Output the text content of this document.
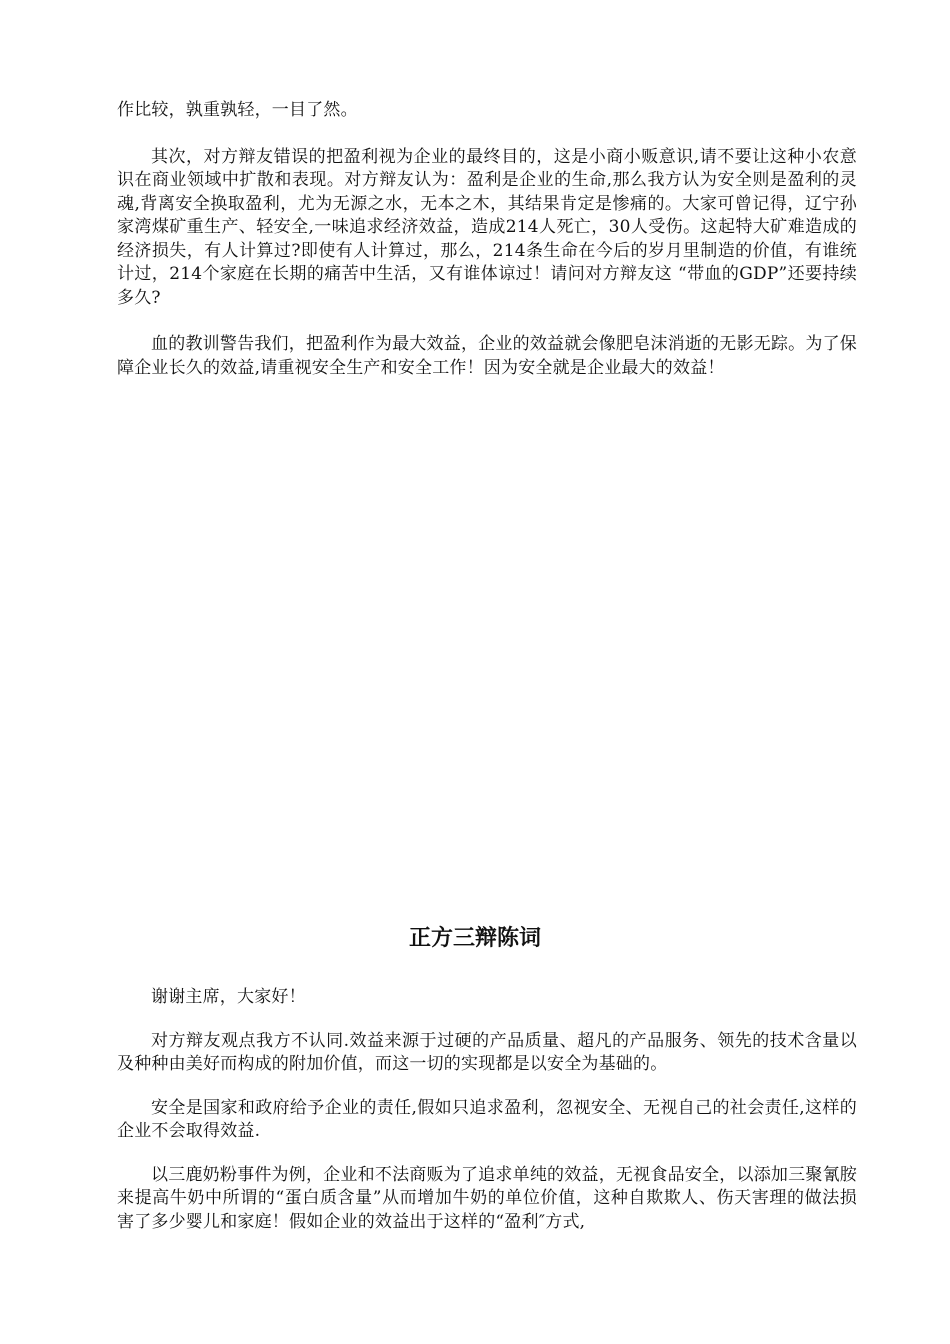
作比较，孰重孰轻，一目了然。

其次，对方辩友错误的把盈利视为企业的最终目的，这是小商小贩意识,请不要让这种小农意识在商业领域中扩散和表现。对方辩友认为：盈利是企业的生命,那么我方认为安全则是盈利的灵魂,背离安全换取盈利，尤为无源之水，无本之木，其结果肯定是惨痛的。大家可曾记得，辽宁孙家湾煤矿重生产、轻安全,一味追求经济效益，造成214人死亡，30人受伤。这起特大矿难造成的经济损失，有人计算过?即使有人计算过，那么，214条生命在今后的岁月里制造的价值，有谁统计过，214个家庭在长期的痛苦中生活，又有谁体谅过！请问对方辩友这 “带血的GDP”还要持续多久?

血的教训警告我们，把盈利作为最大效益，企业的效益就会像肥皂沫消逝的无影无踪。为了保障企业长久的效益,请重视安全生产和安全工作！因为安全就是企业最大的效益！

正方三辩陈词

谢谢主席，大家好！

对方辩友观点我方不认同.效益来源于过硬的产品质量、超凡的产品服务、领先的技术含量以及种种由美好而构成的附加价值，而这一切的实现都是以安全为基础的。

安全是国家和政府给予企业的责任,假如只追求盈利，忽视安全、无视自己的社会责任,这样的企业不会取得效益.

以三鹿奶粉事件为例，企业和不法商贩为了追求单纯的效益，无视食品安全，以添加三聚氰胺来提高牛奶中所谓的“蛋白质含量”从而增加牛奶的单位价值，这种自欺欺人、伤天害理的做法损害了多少婴儿和家庭！假如企业的效益出于这样的“盈利″方式,
